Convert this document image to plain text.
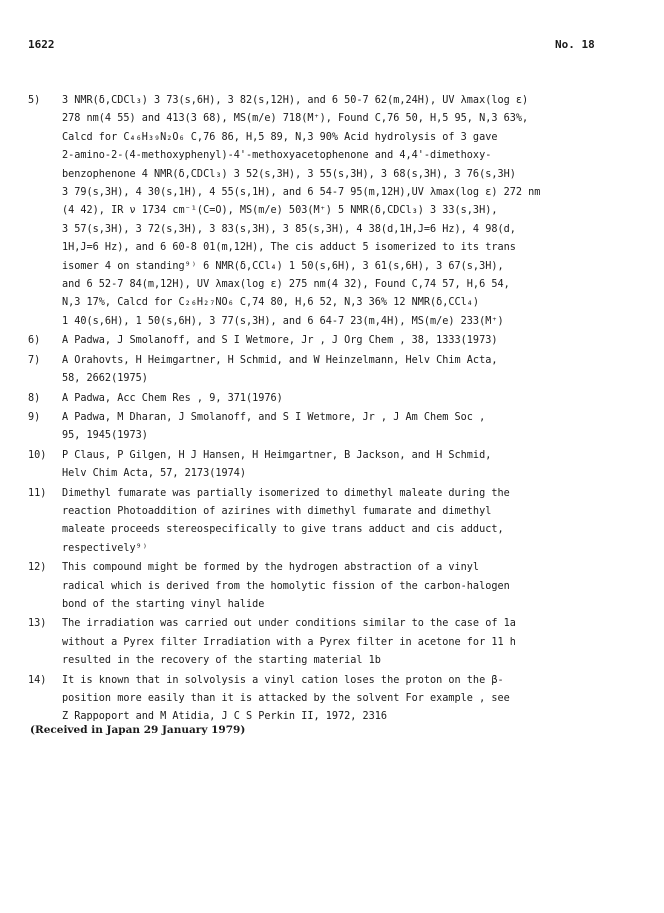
1622	No. 18
5) 3 NMR(δ,CDCl₃) 3 73(s,6H), 3 82(s,12H), and 6 50-7 62(m,24H), UV λmax(log ε)

278 nm(4 55) and 413(3 68), MS(m/e) 718(M⁺), Found C,76 50, H,5 95, N,3 63%,

Calcd for C₄₆H₃₉N₂O₆ C,76 86, H,5 89, N,3 90% Acid hydrolysis of 3 gave

2-amino-2-(4-methoxyphenyl)-4'-methoxyacetophenone and 4,4'-dimethoxy-

benzophenone 4 NMR(δ,CDCl₃) 3 52(s,3H), 3 55(s,3H), 3 68(s,3H), 3 76(s,3H)

3 79(s,3H), 4 30(s,1H), 4 55(s,1H), and 6 54-7 95(m,12H),UV λmax(log ε) 272 nm

(4 42), IR ν 1734 cm⁻¹(C=O), MS(m/e) 503(M⁺) 5 NMR(δ,CDCl₃) 3 33(s,3H),

3 57(s,3H), 3 72(s,3H), 3 83(s,3H), 3 85(s,3H), 4 38(d,1H,J=6 Hz), 4 98(d,

1H,J=6 Hz), and 6 60-8 01(m,12H), The cis adduct 5 isomerized to its trans

isomer 4 on standing⁹⁾ 6 NMR(δ,CCl₄) 1 50(s,6H), 3 61(s,6H), 3 67(s,3H),

and 6 52-7 84(m,12H), UV λmax(log ε) 275 nm(4 32), Found C,74 57, H,6 54,

N,3 17%, Calcd for C₂₆H₂₇NO₆ C,74 80, H,6 52, N,3 36% 12 NMR(δ,CCl₄)

1 40(s,6H), 1 50(s,6H), 3 77(s,3H), and 6 64-7 23(m,4H), MS(m/e) 233(M⁺)

6) A Padwa, J Smolanoff, and S I Wetmore, Jr , J Org Chem , 38, 1333(1973)

7) A Orahovts, H Heimgartner, H Schmid, and W Heinzelmann, Helv Chim Acta,

58, 2662(1975)

8) A Padwa, Acc Chem Res , 9, 371(1976)

9) A Padwa, M Dharan, J Smolanoff, and S I Wetmore, Jr , J Am Chem Soc ,

95, 1945(1973)

10) P Claus, P Gilgen, H J Hansen, H Heimgartner, B Jackson, and H Schmid,

Helv Chim Acta, 57, 2173(1974)

11) Dimethyl fumarate was partially isomerized to dimethyl maleate during the

reaction Photoaddition of azirines with dimethyl fumarate and dimethyl

maleate proceeds stereospecifically to give trans adduct and cis adduct,

respectively⁹⁾

12) This compound might be formed by the hydrogen abstraction of a vinyl

radical which is derived from the homolytic fission of the carbon-halogen

bond of the starting vinyl halide

13) The irradiation was carried out under conditions similar to the case of 1a

without a Pyrex filter Irradiation with a Pyrex filter in acetone for 11 h

resulted in the recovery of the starting material 1b

14) It is known that in solvolysis a vinyl cation loses the proton on the β-

position more easily than it is attacked by the solvent For example , see

Z Rappoport and M Atidia, J C S Perkin II, 1972, 2316

(Received in Japan 29 January 1979)
